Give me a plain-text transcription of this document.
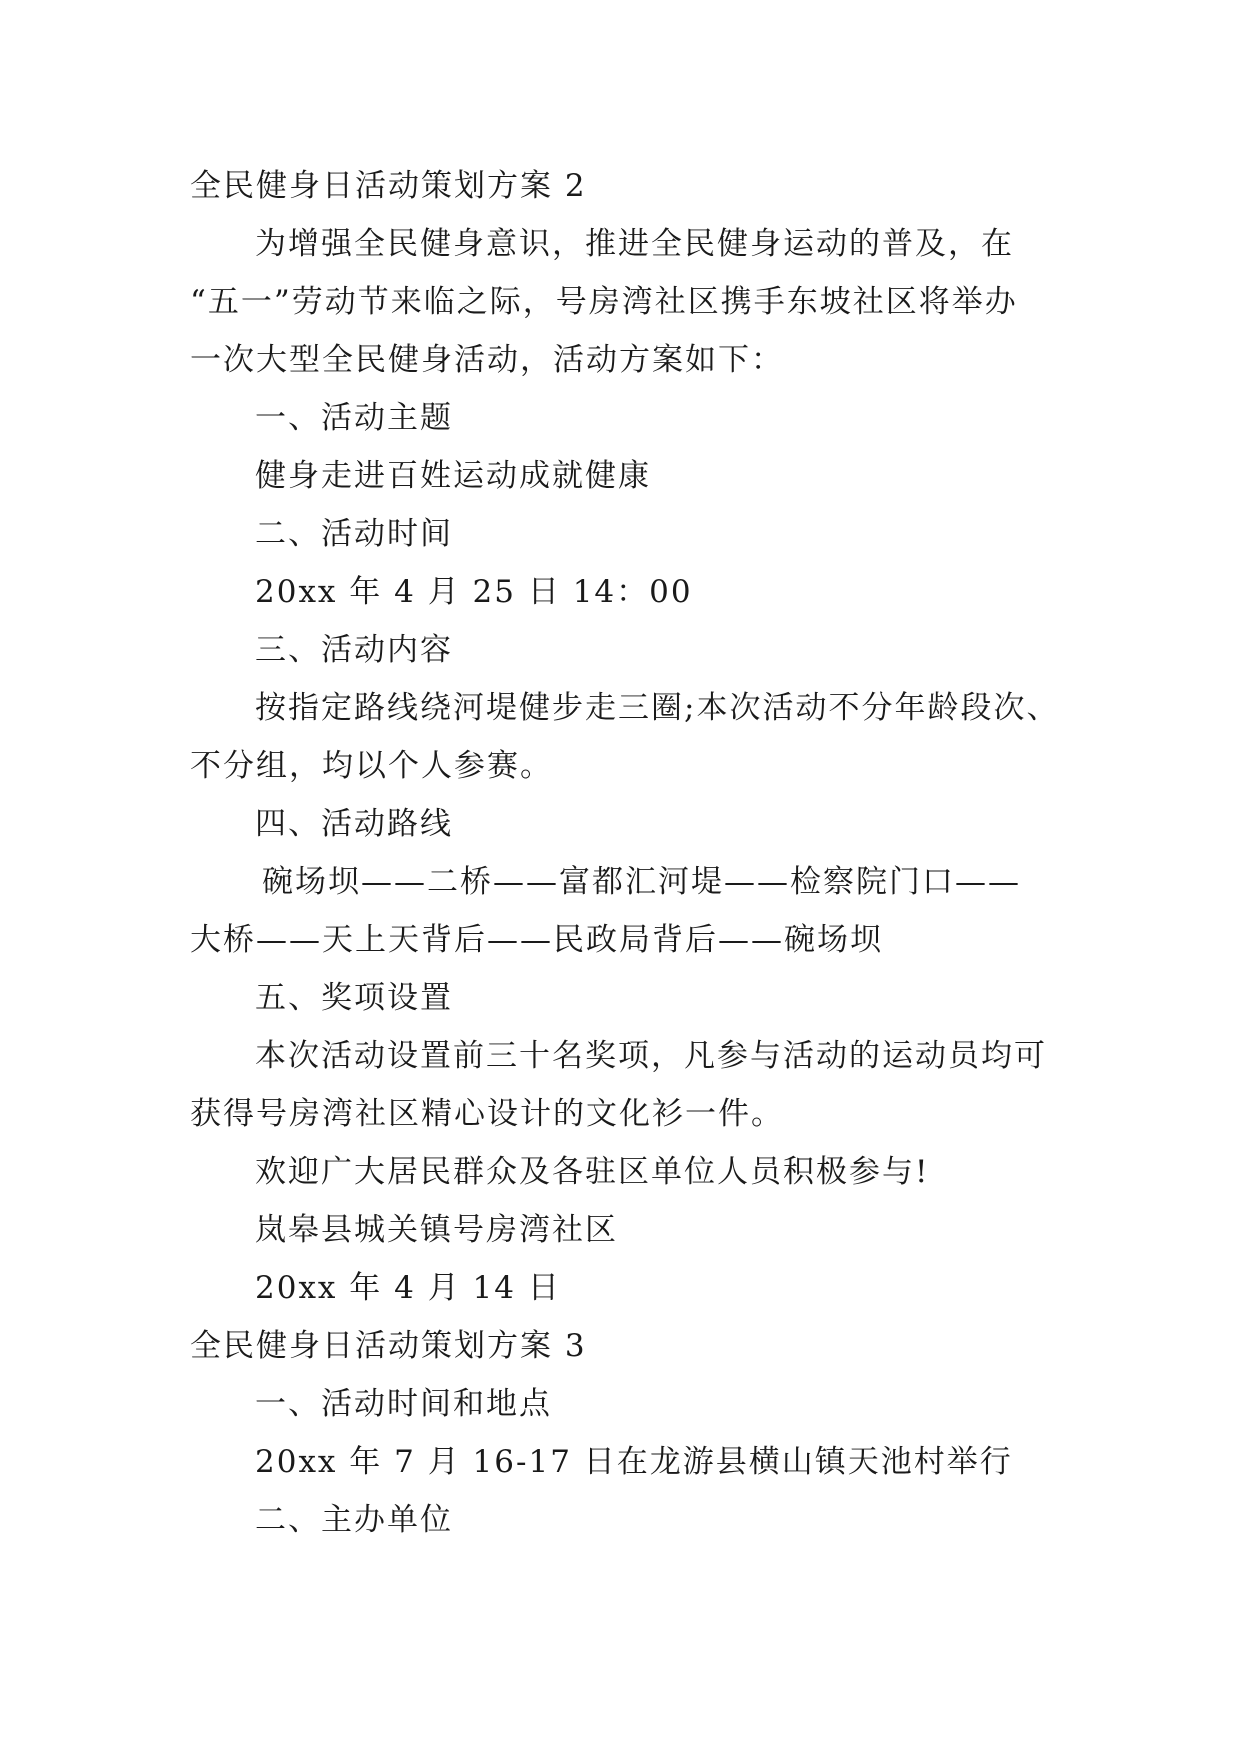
全民健身日活动策划方案 2
为增强全民健身意识，推进全民健身运动的普及，在
“五一”劳动节来临之际，号房湾社区携手东坡社区将举办
一次大型全民健身活动，活动方案如下：
一、活动主题
健身走进百姓运动成就健康
二、活动时间
20xx 年 4 月 25 日 14：00
三、活动内容
按指定路线绕河堤健步走三圈;本次活动不分年龄段次、
不分组，均以个人参赛。
四、活动路线
碗场坝——二桥——富都汇河堤——检察院门口——
大桥——天上天背后——民政局背后——碗场坝
五、奖项设置
本次活动设置前三十名奖项，凡参与活动的运动员均可
获得号房湾社区精心设计的文化衫一件。
欢迎广大居民群众及各驻区单位人员积极参与!
岚皋县城关镇号房湾社区
20xx 年 4 月 14 日
全民健身日活动策划方案 3
一、活动时间和地点
20xx 年 7 月 16-17 日在龙游县横山镇天池村举行
二、主办单位
